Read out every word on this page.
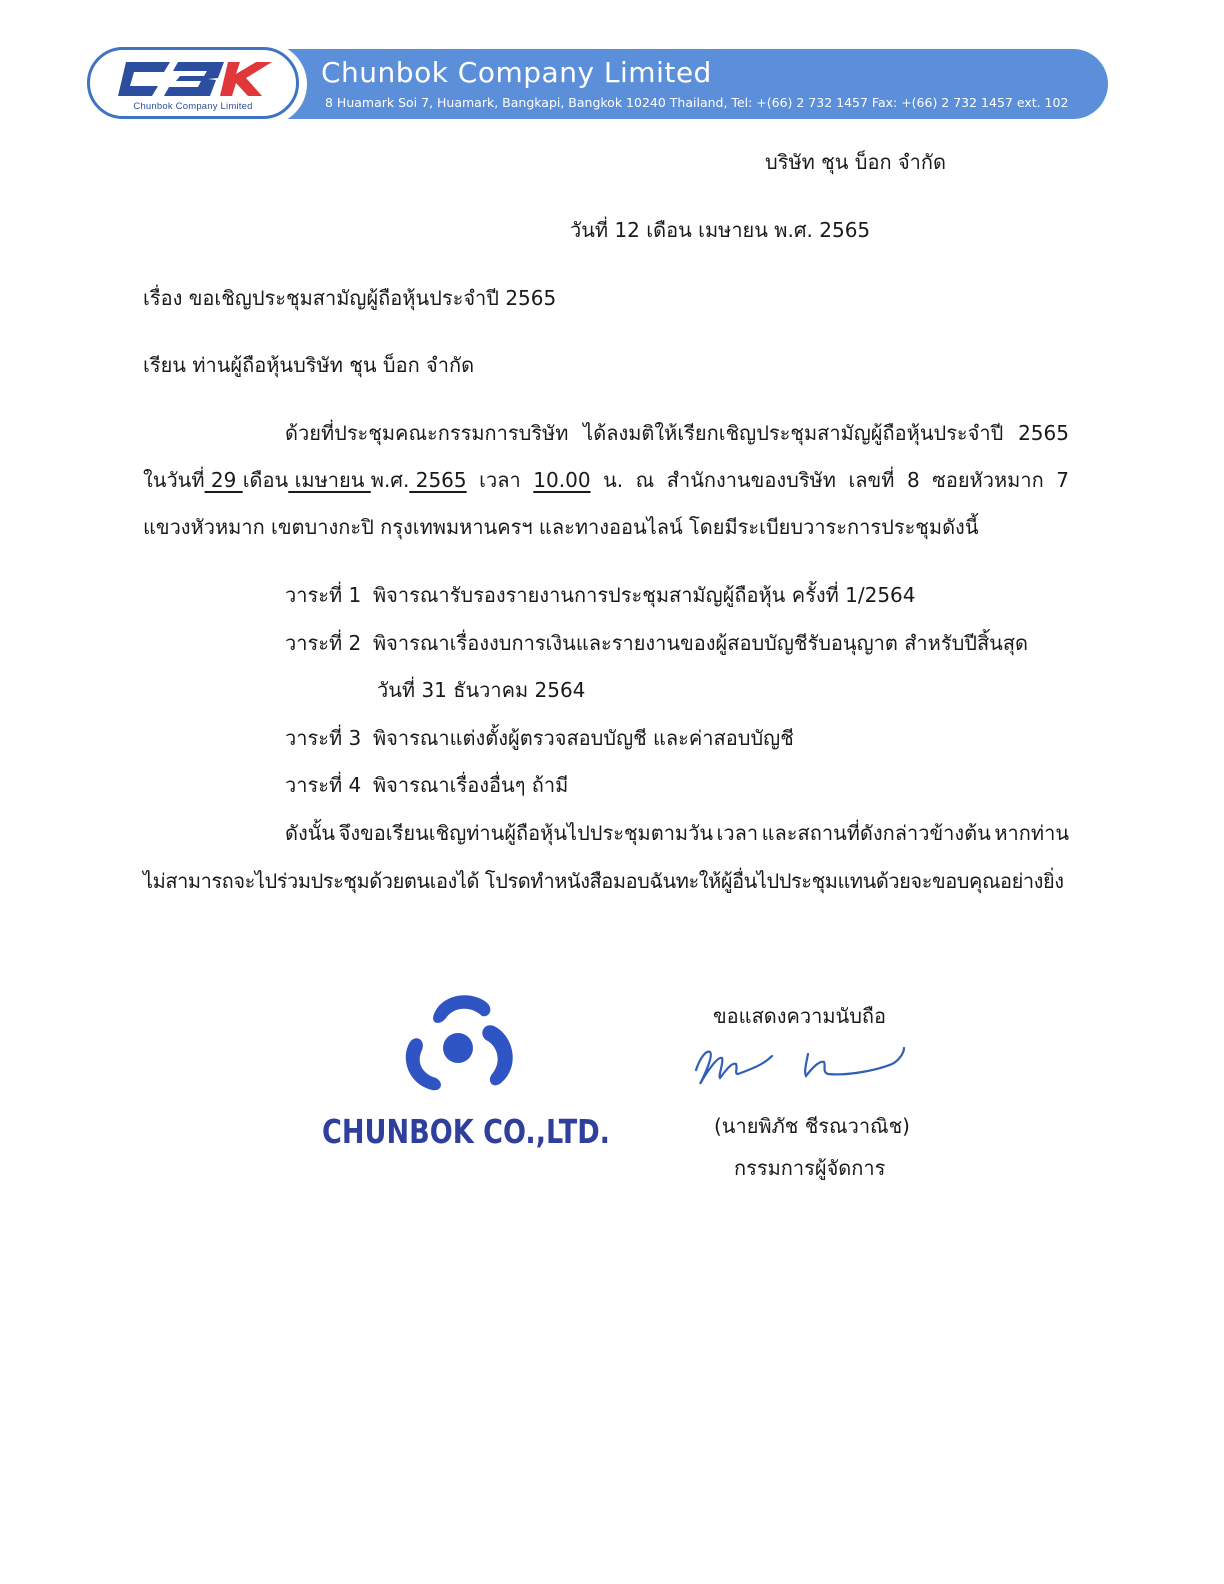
Chunbok Company Limited
Chunbok Company Limited
8 Huamark Soi 7, Huamark, Bangkapi, Bangkok 10240 Thailand, Tel: +(66) 2 732 1457 Fax: +(66) 2 732 1457 ext. 102
บริษัท ชุน บ็อก จำกัด
วันที่ 12 เดือน เมษายน พ.ศ. 2565
เรื่อง ขอเชิญประชุมสามัญผู้ถือหุ้นประจำปี 2565
เรียน ท่านผู้ถือหุ้นบริษัท ชุน บ็อก จำกัด
ด้วยที่ประชุมคณะกรรมการบริษัท ได้ลงมติให้เรียกเชิญประชุมสามัญผู้ถือหุ้นประจำปี 2565
ในวันที่ 29 เดือน เมษายน พ.ศ. 2565 เวลา 10.00 น. ณ สำนักงานของบริษัท เลขที่ 8 ซอยหัวหมาก 7
แขวงหัวหมาก เขตบางกะปิ กรุงเทพมหานครฯ และทางออนไลน์ โดยมีระเบียบวาระการประชุมดังนี้
วาระที่ 1 พิจารณารับรองรายงานการประชุมสามัญผู้ถือหุ้น ครั้งที่ 1/2564
วาระที่ 2 พิจารณาเรื่องงบการเงินและรายงานของผู้สอบบัญชีรับอนุญาต สำหรับปีสิ้นสุด
วันที่ 31 ธันวาคม 2564
วาระที่ 3 พิจารณาแต่งตั้งผู้ตรวจสอบบัญชี และค่าสอบบัญชี
วาระที่ 4 พิจารณาเรื่องอื่นๆ ถ้ามี
ดังนั้น จึงขอเรียนเชิญท่านผู้ถือหุ้นไปประชุมตามวัน เวลา และสถานที่ดังกล่าวข้างต้น หากท่าน
ไม่สามารถจะไปร่วมประชุมด้วยตนเองได้ โปรดทำหนังสือมอบฉันทะให้ผู้อื่นไปประชุมแทนด้วยจะขอบคุณอย่างยิ่ง
CHUNBOK CO.,LTD.
ขอแสดงความนับถือ
(นายพิภัช ชีรณวาณิช)
กรรมการผู้จัดการ
